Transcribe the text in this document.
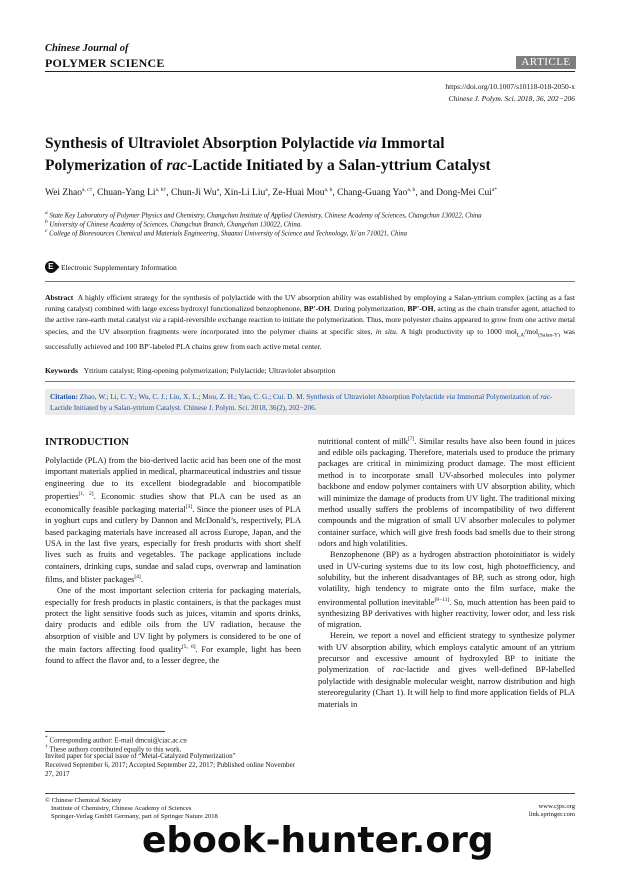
Chinese Journal of
POLYMER SCIENCE	ARTICLE
https://doi.org/10.1007/s10118-018-2050-x
Chinese J. Polym. Sci. 2018, 36, 202−206
Synthesis of Ultraviolet Absorption Polylactide via Immortal
Polymerization of rac-Lactide Initiated by a Salan-yttrium Catalyst
Wei Zhao$^{a, c\dagger}$, Chuan-Yang $Li^{a, b\dagger}$, Chun-Ji Wu$^a$, Xin-Li Liu$^a$, Ze-Huai Mou$^{a, b}$, Chang-Guang Yao$^{a, b}$, and Dong-Mei Cui$^{a*}$
$^a$ State Key Laboratory of Polymer Physics and Chemistry, Changchun Institute of Applied Chemistry, Chinese Academy of Sciences, Changchun 130022, China
$^b$ University of Chinese Academy of Sciences, Changchun Branch, Changchun 130022, China.
$^c$ College of Bioresources Chemical and Materials Engineering, Shaanxi University of Science and Technology, Xi’an 710021, China
E Electronic Supplementary Information
Abstract A highly efficient strategy for the synthesis of polylactide with the UV absorption ability was established by employing a Salan-yttrium complex (acting as a fast runing catalyst) combined with large excess hydroxyl functionalized benzophenone, BP'-OH. During polymerization, BP'-OH, acting as the chain transfer agent, attached to the active rare-earth metal catalyst via a rapid-reversible exchange reaction to initiate the polymerization. Thus, more polyester chains appeared to grow from one active metal species, and the UV absorption fragments were incorporated into the polymer chains at specific sites, in situ. A high productivity up to 1000 mol$_{LA}$/mol$_{(Salan-Y)}$ was successfully achieved and 100 BP'-labeled PLA chains grew from each active metal center.
Keywords Yttrium catalyst; Ring-opening polymerization; Polylactide; Ultraviolet absorption
Citation: Zhao, W.; Li, C. Y.; Wu, C. J.; Liu, X. L.; Mou, Z. H.; Yao, C. G.; Cui. D. M. Synthesis of Ultraviolet Absorption Polylactide via Immortal Polymerization of rac-Lactide Initiated by a Salan-yttrium Catalyst. Chinese J. Polym. Sci. 2018, 36(2), 202−206.
INTRODUCTION

Polylactide (PLA) from the bio-derived lactic acid has been one of the most important materials applied in medical, pharmaceutical industries and tissue engineering due to its excellent biodegradable and biocompatible properties[1, 2]. Economic studies show that PLA can be used as an economically feasible packaging material[3]. Since the pioneer uses of PLA in yoghurt cups and cutlery by Dannon and McDonald’s, respectively, PLA based packaging materials have increased all across Europe, Japan, and the USA in the last five years, especially for fresh products with short shelf lives such as fruits and vegetables. The package applications include containers, drinking cups, sundae and salad cups, overwrap and lamination films, and blister packages[4].

One of the most important selection criteria for packaging materials, especially for fresh products in plastic containers, is that the packages must protect the light sensitive foods such as juices, vitamin and sports drinks, dairy products and edible oils from the UV radiation, because the absorption of visible and UV light by polymers is considered to be one of the main factors affecting food quality[5, 6]. For example, light has been found to affect the flavor and, to a lesser degree, the

nutritional content of milk[7]. Similar results have also been found in juices and edible oils packaging. Therefore, materials used to produce the primary packages are critical in minimizing product damage. The most efficient method is to incorporate small UV-absorbed molecules into polymer backbone and endow polymer containers with UV absorption ability, which will minimize the damage of products from UV light. The traditional mixing method usually suffers the problems of incompatibility of two different compounds and the migration of small UV absorber molecules to polymer container surface, which will give fresh foods bad smells due to their strong odors and high volatilities.

Benzophenone (BP) as a hydrogen abstraction photoinitiator is widely used in UV-curing systems due to its low cost, high photoefficiency, and solubility, but the inherent disadvantages of BP, such as strong odor, high volatility, high tendency to migrate onto the film surface, make the environmental pollution inevitable[8−11]. So, much attention has been paid to synthesizing BP derivatives with higher reactivity, lower odor, and less risk of migration.

Herein, we report a novel and efficient strategy to synthesize polymer with UV absorption ability, which employs catalytic amount of an yttrium precursor and excessive amount of hydroxyled BP to initiate the polymerization of rac-lactide and gives well-defined BP-labelled polylactide with designable molecular weight, narrow distribution and high stereoregularity (Chart 1). It will help to find more application fields of PLA materials in

* Corresponding author: E-mail dmcui@ciac.ac.cn
† These authors contributed equally to this work.
Invited paper for special issue of “Metal-Catalyzed Polymerization”
Received September 6, 2017; Accepted September 22, 2017; Published online November 27, 2017
© Chinese Chemical Society
Institute of Chemistry, Chinese Academy of Sciences
Springer-Verlag GmbH Germany, part of Springer Nature 2018
www.cjps.org
link.springer.com
ebook-hunter.org
